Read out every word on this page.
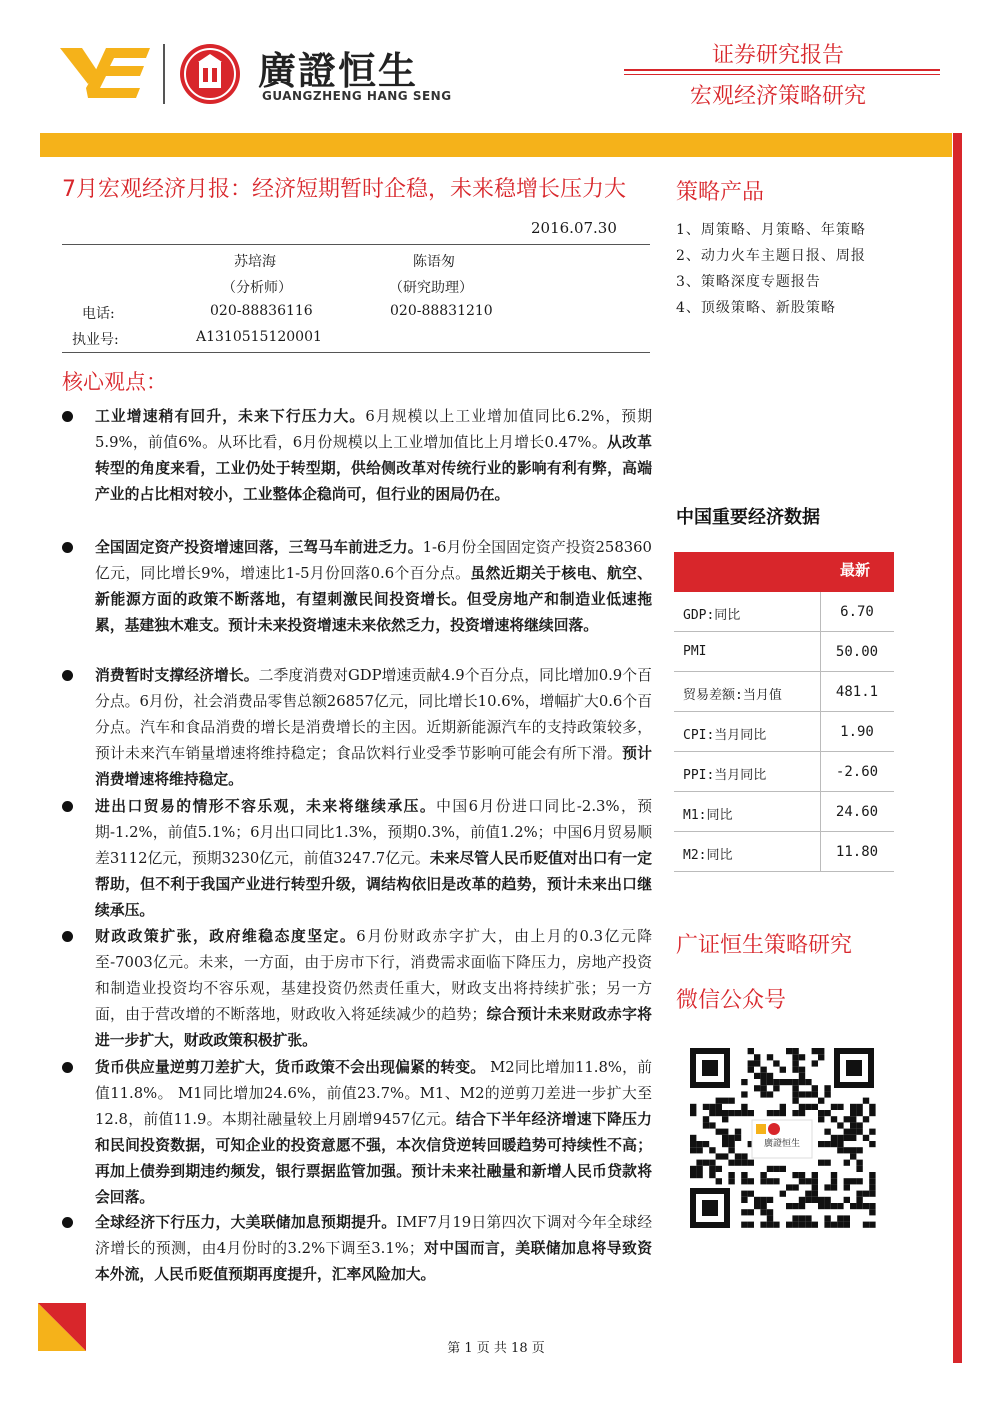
廣證恒生
GUANGZHENG HANG SENG
证券研究报告
宏观经济策略研究
7月宏观经济月报：经济短期暂时企稳，未来稳增长压力大
2016.07.30
苏培海	陈语匆
（分析师）	（研究助理）
电话:	020-88836116	020-88831210
执业号:	A1310515120001
核心观点：
工业增速稍有回升，未来下行压力大。6月规模以上工业增加值同比6.2%，预期5.9%，前值6%。从环比看，6月份规模以上工业增加值比上月增长0.47%。从改革转型的角度来看，工业仍处于转型期，供给侧改革对传统行业的影响有利有弊，高端产业的占比相对较小，工业整体企稳尚可，但行业的困局仍在。
全国固定资产投资增速回落，三驾马车前进乏力。1-6月份全国固定资产投资258360亿元，同比增长9%，增速比1-5月份回落0.6个百分点。虽然近期关于核电、航空、新能源方面的政策不断落地，有望刺激民间投资增长。但受房地产和制造业低速拖累，基建独木难支。预计未来投资增速未来依然乏力，投资增速将继续回落。
消费暂时支撑经济增长。二季度消费对GDP增速贡献4.9个百分点，同比增加0.9个百分点。6月份，社会消费品零售总额26857亿元，同比增长10.6%，增幅扩大0.6个百分点。汽车和食品消费的增长是消费增长的主因。近期新能源汽车的支持政策较多，预计未来汽车销量增速将维持稳定；食品饮料行业受季节影响可能会有所下滑。预计消费增速将维持稳定。
进出口贸易的情形不容乐观，未来将继续承压。中国6月份进口同比-2.3%，预期-1.2%，前值5.1%；6月出口同比1.3%，预期0.3%，前值1.2%；中国6月贸易顺差3112亿元，预期3230亿元，前值3247.7亿元。未来尽管人民币贬值对出口有一定帮助，但不利于我国产业进行转型升级，调结构依旧是改革的趋势，预计未来出口继续承压。
财政政策扩张，政府维稳态度坚定。6月份财政赤字扩大，由上月的0.3亿元降至-7003亿元。未来，一方面，由于房市下行，消费需求面临下降压力，房地产投资和制造业投资均不容乐观，基建投资仍然责任重大，财政支出将持续扩张；另一方面，由于营改增的不断落地，财政收入将延续减少的趋势；综合预计未来财政赤字将进一步扩大，财政政策积极扩张。
货币供应量逆剪刀差扩大，货币政策不会出现偏紧的转变。 M2同比增加11.8%，前值11.8%。 M1同比增加24.6%，前值23.7%。M1、M2的逆剪刀差进一步扩大至12.8，前值11.9。本期社融量较上月剧增9457亿元。结合下半年经济增速下降压力和民间投资数据，可知企业的投资意愿不强，本次信贷逆转回暖趋势可持续性不高；再加上债券到期违约频发，银行票据监管加强。预计未来社融量和新增人民币贷款将会回落。
全球经济下行压力，大美联储加息预期提升。IMF7月19日第四次下调对今年全球经济增长的预测，由4月份时的3.2%下调至3.1%；对中国而言，美联储加息将导致资本外流，人民币贬值预期再度提升，汇率风险加大。
策略产品
1、周策略、月策略、年策略
2、动力火车主题日报、周报
3、策略深度专题报告
4、顶级策略、新股策略
中国重要经济数据
最新
GDP:同比	6.70
PMI	50.00
贸易差额:当月值	481.1
CPI:当月同比	1.90
PPI:当月同比	-2.60
M1:同比	24.60
M2:同比	11.80
广证恒生策略研究
微信公众号
廣證恒生
第 1 页 共 18 页
